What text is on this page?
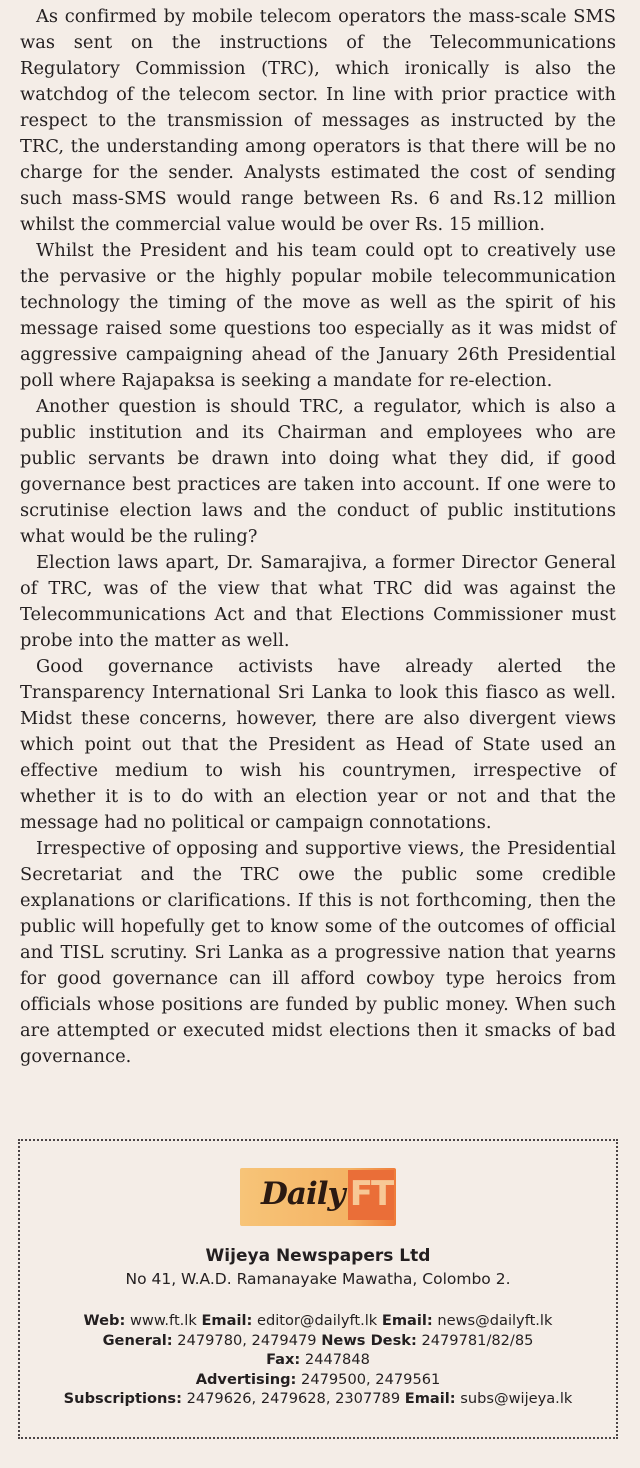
As confirmed by mobile telecom operators the mass-scale SMS was sent on the instructions of the Telecommunications Regulatory Commission (TRC), which ironically is also the watchdog of the telecom sector. In line with prior practice with respect to the transmission of messages as instructed by the TRC, the understanding among operators is that there will be no charge for the sender. Analysts estimated the cost of sending such mass-SMS would range between Rs. 6 and Rs.12 million whilst the commercial value would be over Rs. 15 million.

Whilst the President and his team could opt to creatively use the pervasive or the highly popular mobile telecommunication technology the timing of the move as well as the spirit of his message raised some questions too especially as it was midst of aggressive campaigning ahead of the January 26th Presidential poll where Rajapaksa is seeking a mandate for re-election.

Another question is should TRC, a regulator, which is also a public institution and its Chairman and employees who are public servants be drawn into doing what they did, if good governance best practices are taken into account. If one were to scrutinise election laws and the conduct of public institutions what would be the ruling?

Election laws apart, Dr. Samarajiva, a former Director General of TRC, was of the view that what TRC did was against the Telecommunications Act and that Elections Commissioner must probe into the matter as well.

Good governance activists have already alerted the Transparency International Sri Lanka to look this fiasco as well. Midst these concerns, however, there are also divergent views which point out that the President as Head of State used an effective medium to wish his countrymen, irrespective of whether it is to do with an election year or not and that the message had no political or campaign connotations.

Irrespective of opposing and supportive views, the Presidential Secretariat and the TRC owe the public some credible explanations or clarifications. If this is not forthcoming, then the public will hopefully get to know some of the outcomes of official and TISL scrutiny. Sri Lanka as a progressive nation that yearns for good governance can ill afford cowboy type heroics from officials whose positions are funded by public money. When such are attempted or executed midst elections then it smacks of bad governance.

Daily FT
Wijeya Newspapers Ltd
No 41, W.A.D. Ramanayake Mawatha, Colombo 2.
Web: www.ft.lk Email: editor@dailyft.lk Email: news@dailyft.lk
General: 2479780, 2479479 News Desk: 2479781/82/85
Fax: 2447848
Advertising: 2479500, 2479561
Subscriptions: 2479626, 2479628, 2307789 Email: subs@wijeya.lk
